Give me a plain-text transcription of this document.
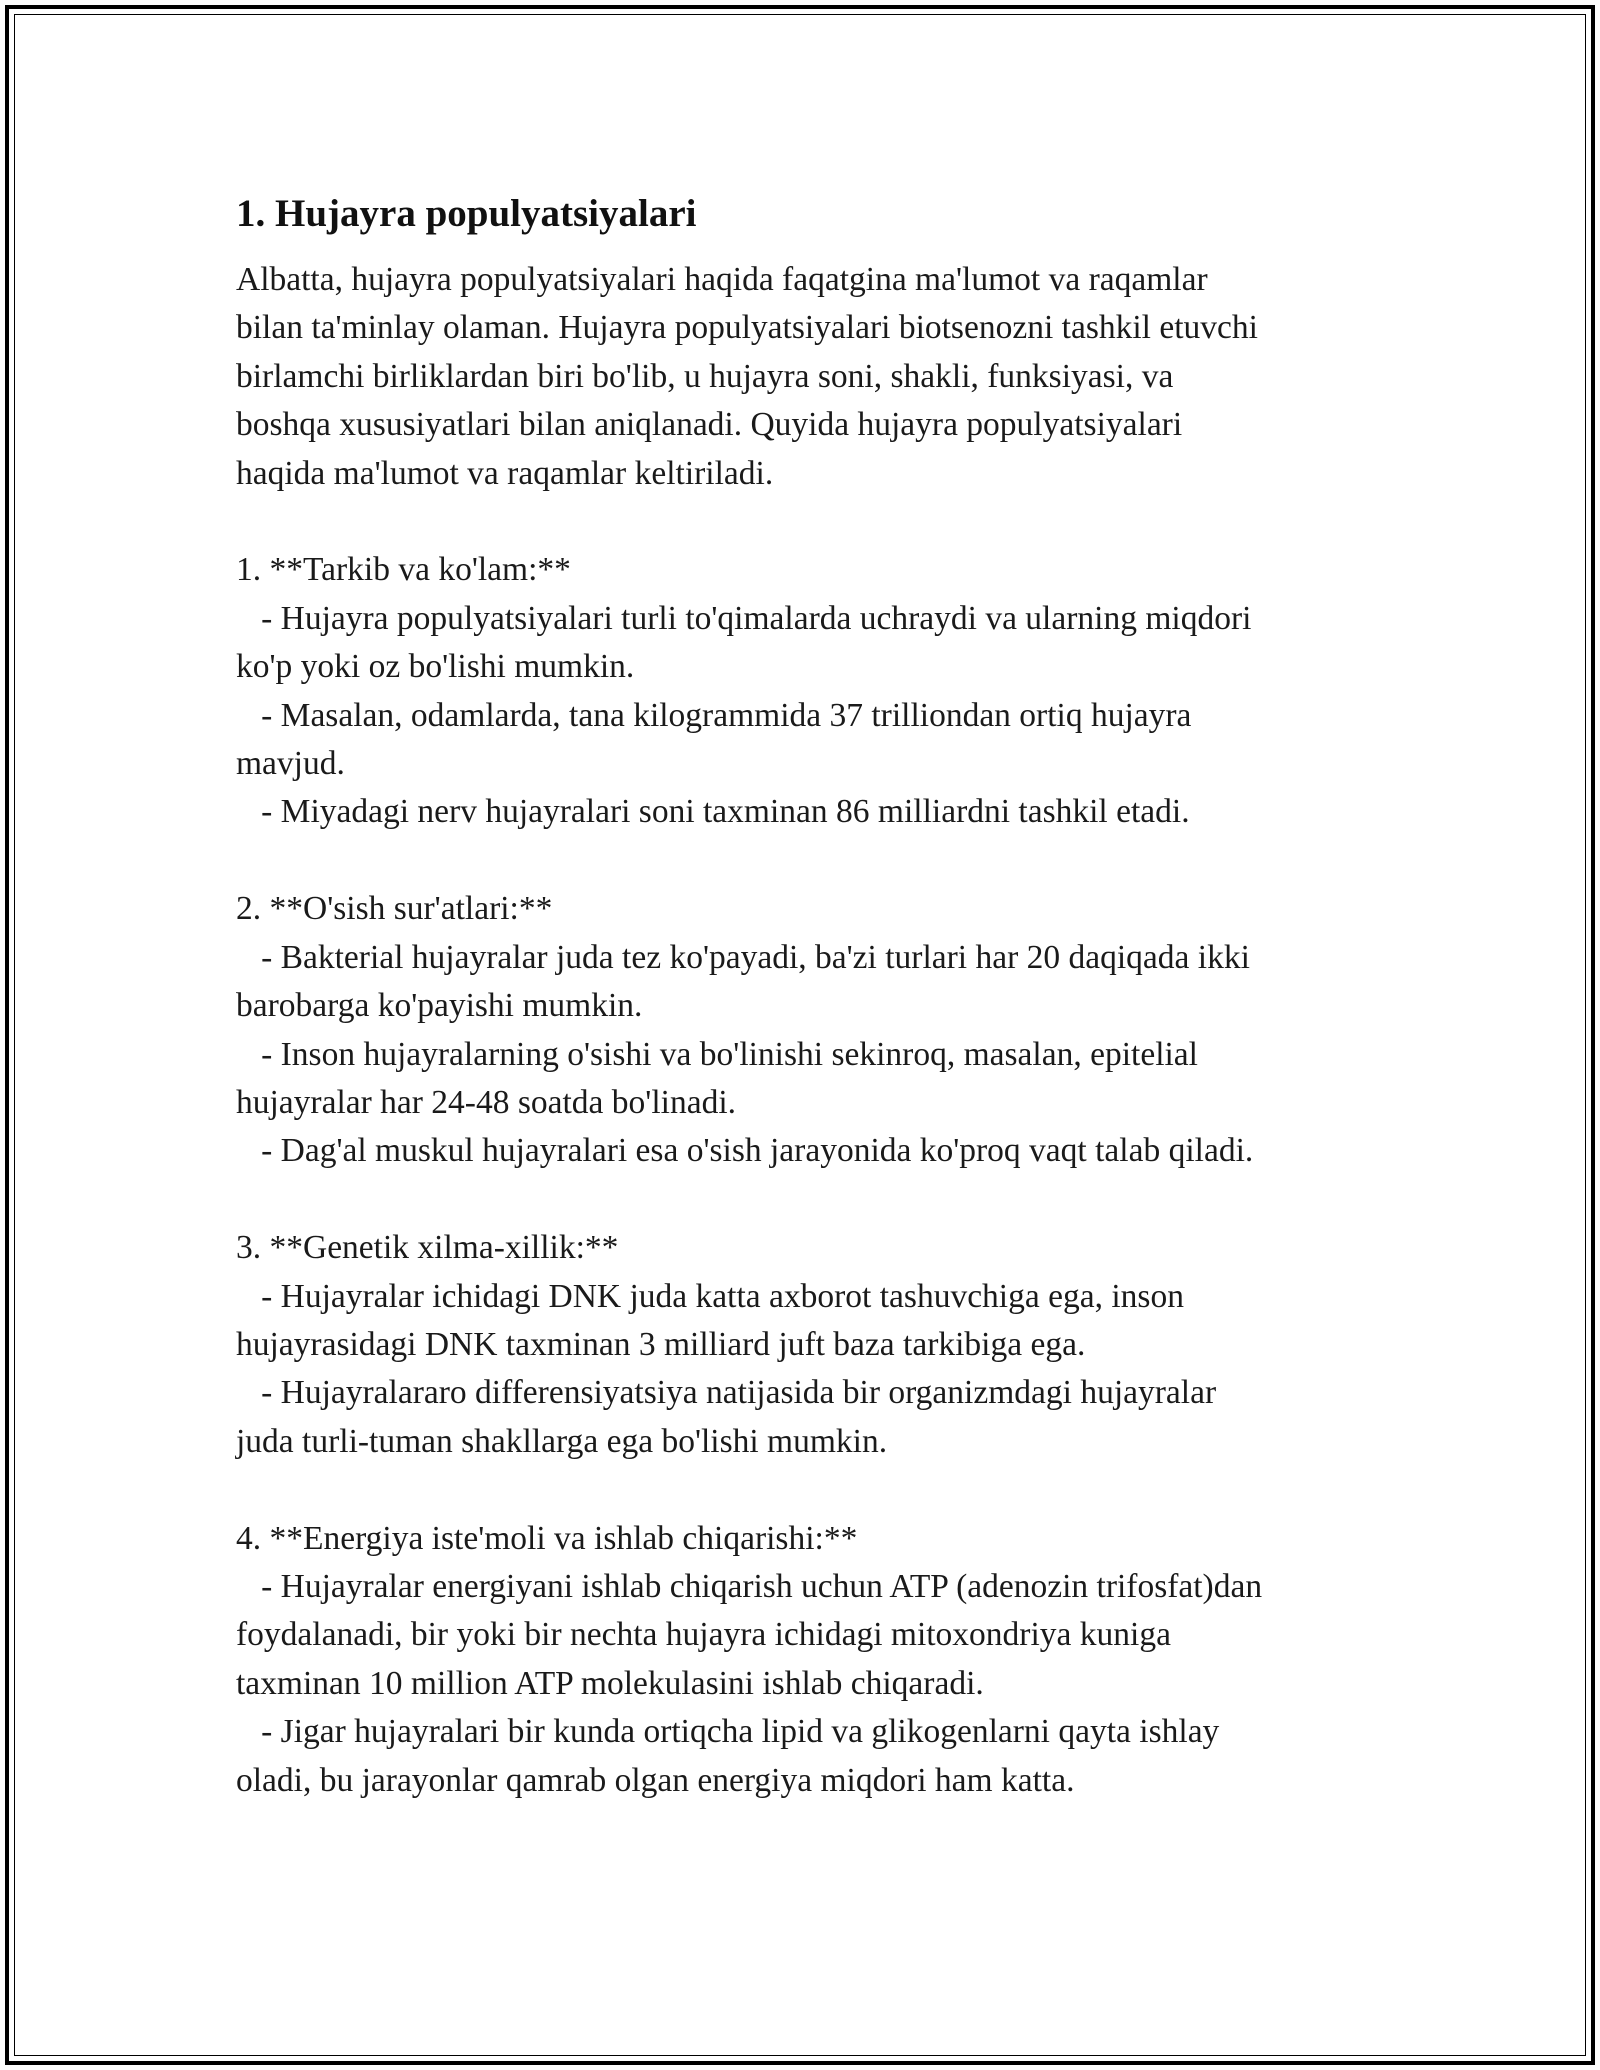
1. Hujayra populyatsiyalari

Albatta, hujayra populyatsiyalari haqida faqatgina ma'lumot va raqamlar
bilan ta'minlay olaman. Hujayra populyatsiyalari biotsenozni tashkil etuvchi
birlamchi birliklardan biri bo'lib, u hujayra soni, shakli, funksiyasi, va
boshqa xususiyatlari bilan aniqlanadi. Quyida hujayra populyatsiyalari
haqida ma'lumot va raqamlar keltiriladi.

1. **Tarkib va ko'lam:**
- Hujayra populyatsiyalari turli to'qimalarda uchraydi va ularning miqdori
ko'p yoki oz bo'lishi mumkin.
- Masalan, odamlarda, tana kilogrammida 37 trilliondan ortiq hujayra
mavjud.
- Miyadagi nerv hujayralari soni taxminan 86 milliardni tashkil etadi.

2. **O'sish sur'atlari:**
- Bakterial hujayralar juda tez ko'payadi, ba'zi turlari har 20 daqiqada ikki
barobarga ko'payishi mumkin.
- Inson hujayralarning o'sishi va bo'linishi sekinroq, masalan, epitelial
hujayralar har 24-48 soatda bo'linadi.
- Dag'al muskul hujayralari esa o'sish jarayonida ko'proq vaqt talab qiladi.

3. **Genetik xilma-xillik:**
- Hujayralar ichidagi DNK juda katta axborot tashuvchiga ega, inson
hujayrasidagi DNK taxminan 3 milliard juft baza tarkibiga ega.
- Hujayralararo differensiyatsiya natijasida bir organizmdagi hujayralar
juda turli-tuman shakllarga ega bo'lishi mumkin.

4. **Energiya iste'moli va ishlab chiqarishi:**
- Hujayralar energiyani ishlab chiqarish uchun ATP (adenozin trifosfat)dan
foydalanadi, bir yoki bir nechta hujayra ichidagi mitoxondriya kuniga
taxminan 10 million ATP molekulasini ishlab chiqaradi.
- Jigar hujayralari bir kunda ortiqcha lipid va glikogenlarni qayta ishlay
oladi, bu jarayonlar qamrab olgan energiya miqdori ham katta.
